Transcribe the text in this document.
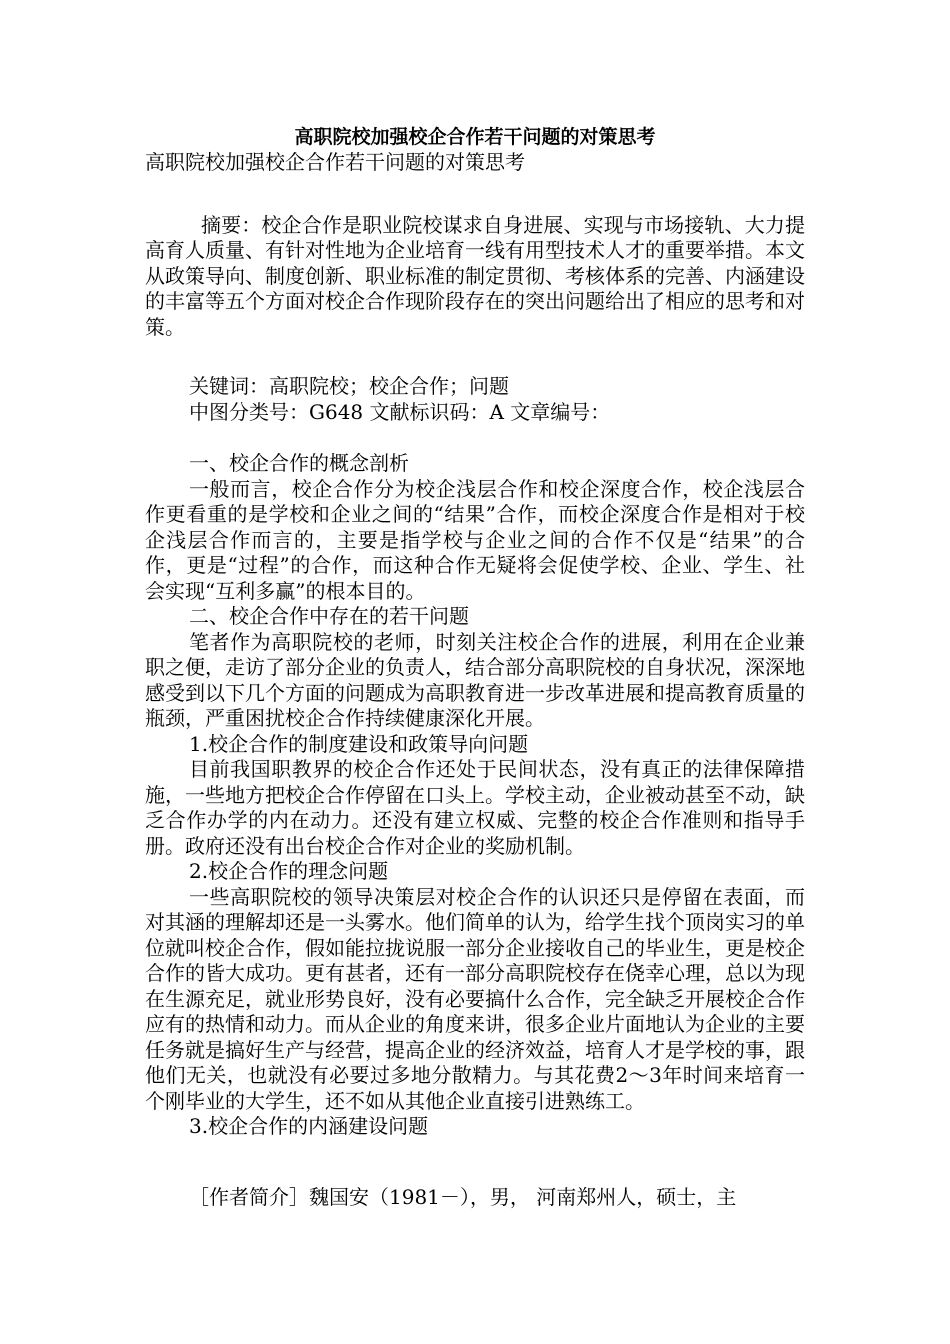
高职院校加强校企合作若干问题的对策思考

高职院校加强校企合作若干问题的对策思考

摘要：校企合作是职业院校谋求自身进展、实现与市场接轨、大力提高育人质量、有针对性地为企业培育一线有用型技术人才的重要举措。本文从政策导向、制度创新、职业标准的制定贯彻、考核体系的完善、内涵建设的丰富等五个方面对校企合作现阶段存在的突出问题给出了相应的思考和对策。

关键词：高职院校；校企合作；问题

中图分类号：G648 文献标识码：A 文章编号：

一、校企合作的概念剖析

一般而言，校企合作分为校企浅层合作和校企深度合作，校企浅层合作更看重的是学校和企业之间的“结果”合作，而校企深度合作是相对于校企浅层合作而言的，主要是指学校与企业之间的合作不仅是“结果”的合作，更是“过程”的合作，而这种合作无疑将会促使学校、企业、学生、社会实现“互利多赢”的根本目的。

二、校企合作中存在的若干问题

笔者作为高职院校的老师，时刻关注校企合作的进展，利用在企业兼职之便，走访了部分企业的负责人，结合部分高职院校的自身状况，深深地感受到以下几个方面的问题成为高职教育进一步改革进展和提高教育质量的瓶颈，严重困扰校企合作持续健康深化开展。

1.校企合作的制度建设和政策导向问题

目前我国职教界的校企合作还处于民间状态，没有真正的法律保障措施，一些地方把校企合作停留在口头上。学校主动，企业被动甚至不动，缺乏合作办学的内在动力。还没有建立权威、完整的校企合作准则和指导手册。政府还没有出台校企合作对企业的奖励机制。

2.校企合作的理念问题

一些高职院校的领导决策层对校企合作的认识还只是停留在表面，而对其涵的理解却还是一头雾水。他们简单的认为，给学生找个顶岗实习的单位就叫校企合作，假如能拉拢说服一部分企业接收自己的毕业生，更是校企合作的皆大成功。更有甚者，还有一部分高职院校存在侥幸心理，总以为现在生源充足，就业形势良好，没有必要搞什么合作，完全缺乏开展校企合作应有的热情和动力。而从企业的角度来讲，很多企业片面地认为企业的主要任务就是搞好生产与经营，提高企业的经济效益，培育人才是学校的事，跟他们无关，也就没有必要过多地分散精力。与其花费2～3年时间来培育一个刚毕业的大学生，还不如从其他企业直接引进熟练工。

3.校企合作的内涵建设问题

［作者简介］魏国安（1981－），男， 河南郑州人，硕士，主
